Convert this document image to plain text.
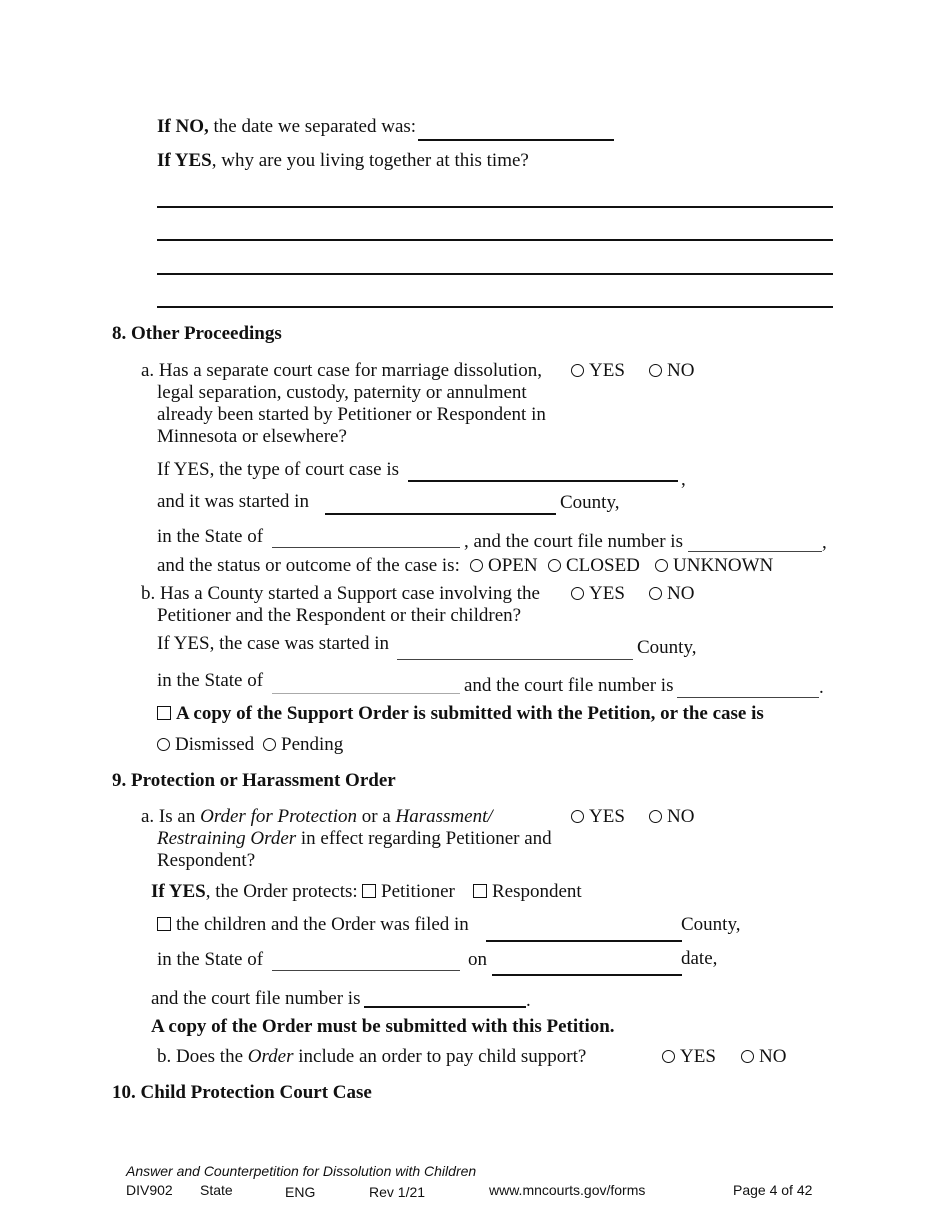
If NO, the date we separated was:
If YES, why are you living together at this time?
8. Other Proceedings
a. Has a separate court case for marriage dissolution,
legal separation, custody, paternity or annulment
already been started by Petitioner or Respondent in
Minnesota or elsewhere?
YES	NO
If YES, the type of court case is	,
and it was started in	County,
in the State of	, and the court file number is	,
and the status or outcome of the case is:	OPEN	CLOSED	UNKNOWN
b. Has a County started a Support case involving the
Petitioner and the Respondent or their children?
YES	NO
If YES, the case was started in	County,
in the State of	and the court file number is	.
A copy of the Support Order is submitted with the Petition, or the case is
Dismissed	Pending
9. Protection or Harassment Order
a. Is an Order for Protection or a Harassment/
Restraining Order in effect regarding Petitioner and
Respondent?
YES	NO
If YES, the Order protects:	Petitioner	Respondent
the children and the Order was filed in	County,
in the State of	on	date,
and the court file number is	.
A copy of the Order must be submitted with this Petition.
b. Does the Order include an order to pay child support?	YES	NO
10. Child Protection Court Case
Answer and Counterpetition for Dissolution with Children
DIV902 State	ENG	Rev 1/21	www.mncourts.gov/forms	Page 4 of 42
